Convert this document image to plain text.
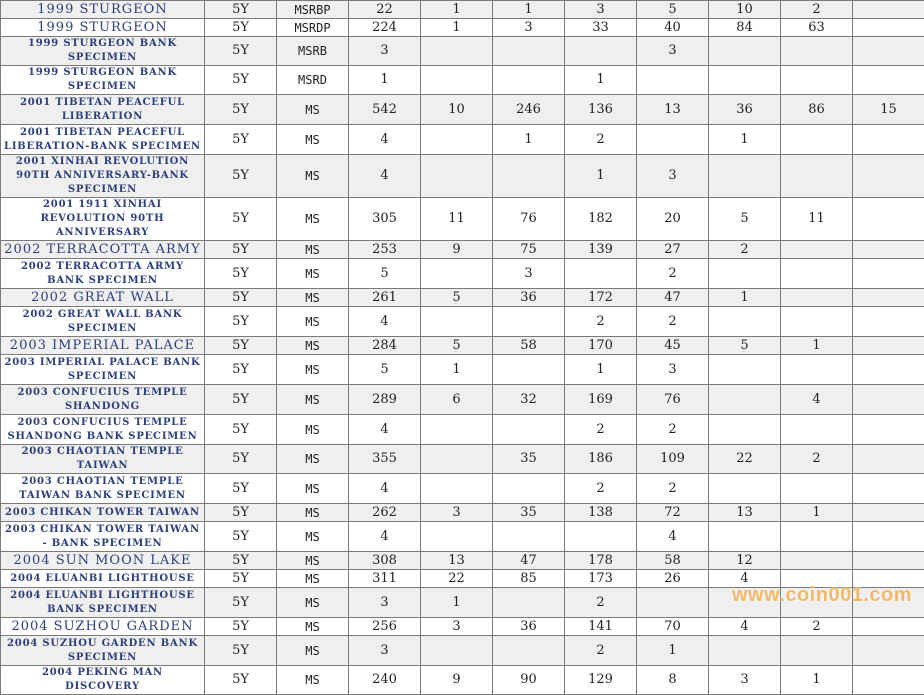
1999 STURGEON	5Y	MSRBP	22	1	1	3	5	10	2	
1999 STURGEON	5Y	MSRDP	224	1	3	33	40	84	63	
1999 STURGEON BANK SPECIMEN	5Y	MSRB	3				3			
1999 STURGEON BANK SPECIMEN	5Y	MSRD	1			1				
2001 TIBETAN PEACEFUL LIBERATION	5Y	MS	542	10	246	136	13	36	86	15
2001 TIBETAN PEACEFUL LIBERATION-BANK SPECIMEN	5Y	MS	4		1	2		1		
2001 XINHAI REVOLUTION 90TH ANNIVERSARY-BANK SPECIMEN	5Y	MS	4			1	3			
2001 1911 XINHAI REVOLUTION 90TH ANNIVERSARY	5Y	MS	305	11	76	182	20	5	11	
2002 TERRACOTTA ARMY	5Y	MS	253	9	75	139	27	2		
2002 TERRACOTTA ARMY BANK SPECIMEN	5Y	MS	5		3		2			
2002 GREAT WALL	5Y	MS	261	5	36	172	47	1		
2002 GREAT WALL BANK SPECIMEN	5Y	MS	4			2	2			
2003 IMPERIAL PALACE	5Y	MS	284	5	58	170	45	5	1	
2003 IMPERIAL PALACE BANK SPECIMEN	5Y	MS	5	1		1	3			
2003 CONFUCIUS TEMPLE SHANDONG	5Y	MS	289	6	32	169	76		4	
2003 CONFUCIUS TEMPLE SHANDONG BANK SPECIMEN	5Y	MS	4			2	2			
2003 CHAOTIAN TEMPLE TAIWAN	5Y	MS	355		35	186	109	22	2	
2003 CHAOTIAN TEMPLE TAIWAN BANK SPECIMEN	5Y	MS	4			2	2			
2003 CHIKAN TOWER TAIWAN	5Y	MS	262	3	35	138	72	13	1	
2003 CHIKAN TOWER TAIWAN - BANK SPECIMEN	5Y	MS	4				4			
2004 SUN MOON LAKE	5Y	MS	308	13	47	178	58	12		
2004 ELUANBI LIGHTHOUSE	5Y	MS	311	22	85	173	26	4		
2004 ELUANBI LIGHTHOUSE BANK SPECIMEN	5Y	MS	3	1		2				
2004 SUZHOU GARDEN	5Y	MS	256	3	36	141	70	4	2	
2004 SUZHOU GARDEN BANK SPECIMEN	5Y	MS	3			2	1			
2004 PEKING MAN DISCOVERY	5Y	MS	240	9	90	129	8	3	1	
www.coin001.com
